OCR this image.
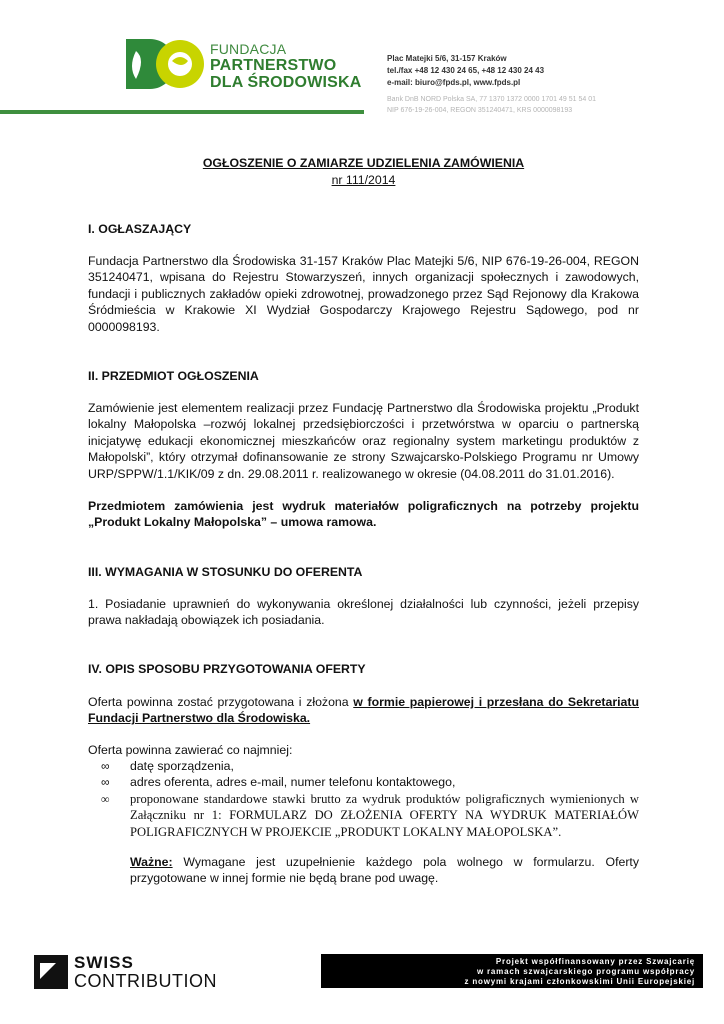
FUNDACJA
PARTNERSTWO
DLA ŚRODOWISKA
Plac Matejki 5/6, 31-157 Kraków
tel./fax +48 12 430 24 65, +48 12 430 24 43
e-mail: biuro@fpds.pl, www.fpds.pl
Bank DnB NORD Polska SA, 77 1370 1372 0000 1701 49 51 54 01
NIP 676-19-26-004, REGON 351240471, KRS 0000098193
OGŁOSZENIE O ZAMIARZE UDZIELENIA ZAMÓWIENIA
nr 111/2014
I. OGŁASZAJĄCY
Fundacja Partnerstwo dla Środowiska 31-157 Kraków Plac Matejki 5/6, NIP 676-19-26-004, REGON 351240471, wpisana do Rejestru Stowarzyszeń, innych organizacji społecznych i zawodowych, fundacji i publicznych zakładów opieki zdrowotnej, prowadzonego przez Sąd Rejonowy dla Krakowa Śródmieścia w Krakowie XI Wydział Gospodarczy Krajowego Rejestru Sądowego, pod nr 0000098193.
II. PRZEDMIOT OGŁOSZENIA
Zamówienie jest elementem realizacji przez Fundację Partnerstwo dla Środowiska projektu „Produkt lokalny Małopolska –rozwój lokalnej przedsiębiorczości i przetwórstwa w oparciu o partnerską inicjatywę edukacji ekonomicznej mieszkańców oraz regionalny system marketingu produktów z Małopolski”, który otrzymał dofinansowanie ze strony Szwajcarsko-Polskiego Programu nr Umowy URP/SPPW/1.1/KIK/09 z dn. 29.08.2011 r. realizowanego w okresie (04.08.2011 do 31.01.2016).
Przedmiotem zamówienia jest wydruk materiałów poligraficznych na potrzeby projektu „Produkt Lokalny Małopolska” – umowa ramowa.
III. WYMAGANIA W STOSUNKU DO OFERENTA
1. Posiadanie uprawnień do wykonywania określonej działalności lub czynności, jeżeli przepisy prawa nakładają obowiązek ich posiadania.
IV. OPIS SPOSOBU PRZYGOTOWANIA OFERTY
Oferta powinna zostać przygotowana i złożona w formie papierowej i przesłana do Sekretariatu Fundacji Partnerstwo dla Środowiska.
Oferta powinna zawierać co najmniej:

∞ datę sporządzenia,

∞ adres oferenta, adres e-mail, numer telefonu kontaktowego,

∞ proponowane standardowe stawki brutto za wydruk produktów poligraficznych wymienionych w Załączniku nr 1: FORMULARZ DO ZŁOŻENIA OFERTY NA WYDRUK MATERIAŁÓW POLIGRAFICZNYCH W PROJEKCIE „PRODUKT LOKALNY MAŁOPOLSKA”.

Ważne: Wymagane jest uzupełnienie każdego pola wolnego w formularzu. Oferty przygotowane w innej formie nie będą brane pod uwagę.
SWISS
CONTRIBUTION
Projekt współfinansowany przez Szwajcarię
w ramach szwajcarskiego programu współpracy
z nowymi krajami członkowskimi Unii Europejskiej
